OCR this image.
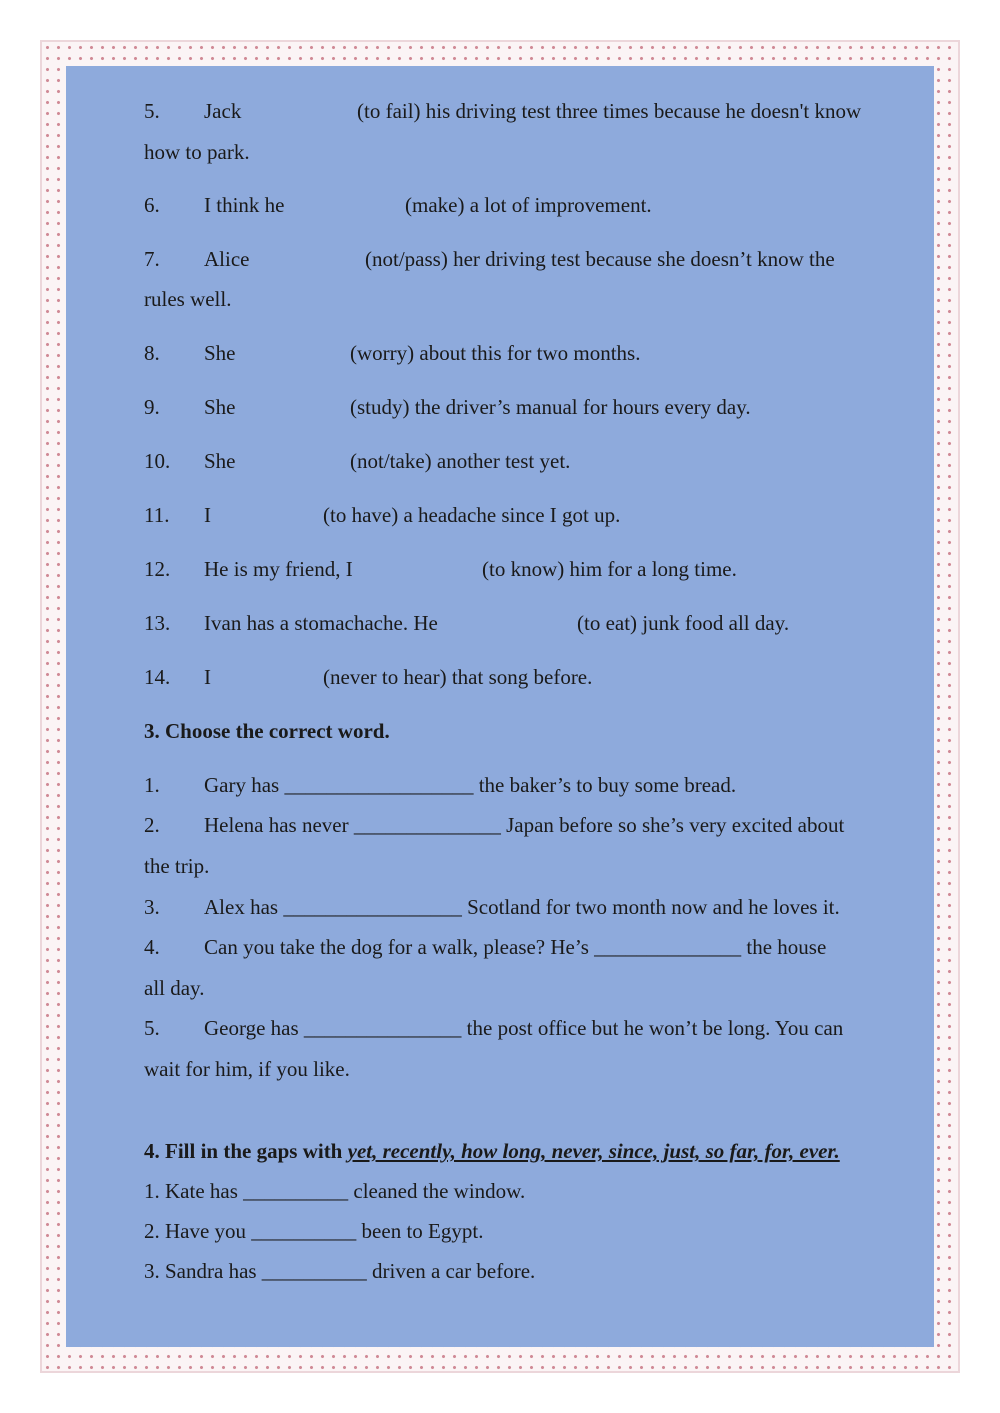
5. Jack	(to fail) his driving test three times because he doesn't know
how to park.
6. I think he	(make) a lot of improvement.
7. Alice	(not/pass) her driving test because she doesn’t know the
rules well.
8. She	(worry) about this for two months.
9. She	(study) the driver’s manual for hours every day.
10. She	(not/take) another test yet.
11. I	(to have) a headache since I got up.
12. He is my friend, I	(to know) him for a long time.
13. Ivan has a stomachache. He	(to eat) junk food all day.
14. I	(never to hear) that song before.
3. Choose the correct word.
1. Gary has __________________ the baker’s to buy some bread.
2. Helena has never ______________ Japan before so she’s very excited about
the trip.
3. Alex has _________________ Scotland for two month now and he loves it.
4. Can you take the dog for a walk, please? He’s ______________ the house
all day.
5. George has _______________ the post office but he won’t be long. You can
wait for him, if you like.
4. Fill in the gaps with yet, recently, how long, never, since, just, so far, for, ever.
1. Kate has __________ cleaned the window.
2. Have you __________ been to Egypt.
3. Sandra has __________ driven a car before.
